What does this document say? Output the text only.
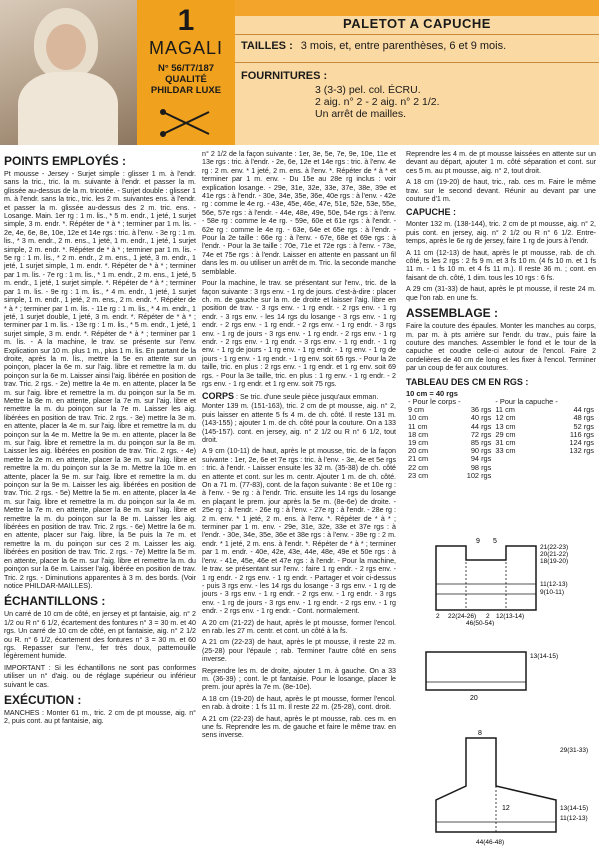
1
MAGALI
N° 56/T7/187
QUALITÉ
PHILDAR LUXE
PALETOT A CAPUCHE
TAILLES : 3 mois, et, entre parenthèses, 6 et 9 mois.
FOURNITURES :
3 (3-3) pel. col. ÉCRU.
2 aig. n° 2 - 2 aig. n° 2 1/2.
Un arrêt de mailles.
POINTS EMPLOYÉS :

Pt mousse - Jersey - Surjet simple : glisser 1 m. à l'endr. sans la tric., tric. la m. suivante à l'endr. et passer la m. glissée au-dessus de la m. tricotée. - Surjet double : glisser 1 m. à l'endr. sans la tric., tric. les 2 m. suivantes ens. à l'endr. et passer la m. glissée au-dessus des 2 m. tric. ens. - Losange. Main. 1er rg : 1 m. lis., * 5 m. endr., 1 jeté, 1 surjet simple, 3 m. endr. *. Répéter de * à * ; terminer par 1 m. lis. - 2e, 4e, 6e, 8e, 10e, 12e et 14e rgs : tric. à l'env. - 3e rg : 1 m. lis., * 3 m. endr., 2 m. ens., 1 jeté, 1 m. endr., 1 jeté, 1 surjet simple, 2 m. endr. *. Répéter de * à * ; terminer par 1 m. lis. - 5e rg : 1 m. lis., * 2 m. endr., 2 m. ens., 1 jeté, 3 m. endr., 1 jeté, 1 surjet simple, 1 m. endr. *. Répéter de * à * ; terminer par 1 m. lis. - 7e rg : 1 m. lis., * 1 m. endr., 2 m. ens., 1 jeté, 5 m. endr., 1 jeté, 1 surjet simple. *. Répéter de * à * ; terminer par 1 m. lis. - 9e rg : 1 m. lis., * 4 m. endr., 1 jeté, 1 surjet simple, 1 m. endr., 1 jeté, 2 m. ens., 2 m. endr. *. Répéter de * à * ; terminer par 1 m. lis. - 11e rg : 1 m. lis., * 4 m. endr., 1 jeté, 1 surjet double, 1 jeté, 3 m. endr. *. Répéter de * à * ; terminer par 1 m. lis. - 13e rg : 1 m. lis., * 5 m. endr., 1 jeté, 1 surjet simple, 3 m. endr. *. Répéter de * à * ; terminer par 1 m. lis. - A la machine, le trav. se présente sur l'env. Explication sur 10 m. plus 1 m., plus 1 m. lis. En partant de la droite, après la m. lis., mettre la 5e en attente sur un poinçon, placer la 6e m. sur l'aig. libre et remettre la m. du poinçon sur la 6e m. Laisser ainsi l'aig. libérée en position de trav. Tric. 2 rgs. - 2e) mettre la 4e m. en attente, placer la 5e m. sur l'aig. libre et remettre la m. du poinçon sur la 5e m. Mettre la 8e m. en attente, placer la 7e m. sur l'aig. libre et remettre la m. du poinçon sur la 7e m. Laisser les aig. libérées en position de trav. Tric. 2 rgs. - 3e) mettre la 3e m. en attente, placer la 4e m. sur l'aig. libre et remettre la m. du poinçon sur la 4e m. Mettre la 9e m. en attente, placer la 8e m. sur l'aig. libre et remettre la m. du poinçon sur la 8e m. Laisser les aig. libérées en position de trav. Tric. 2 rgs. - 4e) mettre la 2e m. en attente, placer la 3e m. sur l'aig. libre et remettre la m. du poinçon sur la 3e m. Mettre la 10e m. en attente, placer la 9e m. sur l'aig. libre et remettre la m. du poinçon sur la 9e m. Laisser les aig. libérées en position de trav. Tric. 2 rgs. - 5e) Mettre la 5e m. en attente, placer la 4e m. sur l'aig. libre et remettre la m. du poinçon sur la 4e m. Mettre la 7e m. en attente, placer la 8e m. sur l'aig. libre et remettre la m. du poinçon sur la 8e m. Laisser les aig. libérées en position de trav. Tric. 2 rgs. - 6e) Mettre la 6e m. en attente, placer sur l'aig. libre, la 5e puis la 7e m. et remettre la m. du poinçon sur ces 2 m. Laisser les aig. libérées en position de trav. Tric. 2 rgs. - 7e) Mettre la 5e m. en attente, placer la 6e m. sur l'aig. libre et remettre la m. du poinçon sur la 6e m. Laisser l'aig. libérée en position de trav. Tric. 2 rgs. - Diminutions apparentes à 3 m. des bords. (Voir notice PHILDAR-MAILLES).

ÉCHANTILLONS :

Un carré de 10 cm de côté, en jersey et pt fantaisie, aig. n° 2 1/2 ou R n° 6 1/2, écartement des fontures n° 3 = 30 m. et 40 rgs. Un carré de 10 cm de côté, en pt fantaisie, aig. n° 2 1/2 ou R. n° 6 1/2, écartement des fontures n° 3 = 30 m. et 60 rgs. Repasser sur l'env., fer très doux, pattemouille légèrement humide.

IMPORTANT : Si les échantillons ne sont pas conformes utiliser un n° d'aig. ou de réglage supérieur ou inférieur suivant le cas.

EXÉCUTION :

MANCHES : Monter 61 m., tric. 2 cm de pt mousse, aig. n° 2, puis cont. au pt fantaisie, aig.

n° 2 1/2 de la façon suivante : 1er, 3e, 5e, 7e, 9e, 10e, 11e et 13e rgs : tric. à l'endr. - 2e, 6e, 12e et 14e rgs : tric. à l'env. 4e rg : 2 m. env. * 1 jeté, 2 m. ens. à l'env. *. Répéter de * à * et terminer par 1 m. env. - Du 15e au 28e rg inclus : voir explication losange. - 29e, 31e, 32e, 33e, 37e, 38e, 39e et 41e rgs : à l'endr. - 30e, 34e, 35e, 36e, 40e rgs : à l'env. - 42e rg : comme le 4e rg. - 43e, 45e, 46e, 47e, 51e, 52e, 53e, 55e, 56e, 57e rgs : à l'endr. - 44e, 48e, 49e, 50e, 54e rgs : à l'env. - 58e rg : comme le 4e rg. - 59e, 60e et 61e rgs : à l'endr. - 62e rg : comme le 4e rg. - 63e, 64e et 65e rgs : à l'endr. - Pour la 2e taille : 66e rg : à l'env. - 67e, 68e et 69e rgs : à l'endr. - Pour la 3e taille : 70e, 71e et 72e rgs : à l'env. - 73e, 74e et 75e rgs : à l'endr. Laisser en attente en passant un fil dans les m. ou utiliser un arrêt de m. Tric. la seconde manche semblable.

Pour la machine, le trav. se présentant sur l'env., tric. de la façon suivante : 3 rgs env. - 1 rg de jours. c'est-à-dire : placer ch. m. de gauche sur la m. de droite et laisser l'aig. libre en position de trav. - 3 rgs env. - 1 rg endr. - 2 rgs env. - 1 rg endr. - 3 rgs env. - les 14 rgs du losange - 3 rgs env. - 1 rg endr. - 2 rgs env. - 1 rg endr. - 2 rgs env. - 1 rg endr. - 3 rgs env. - 1 rg de jours - 3 rgs env. - 1 rg endr. - 2 rgs env. - 1 rg endr. - 2 rgs env. - 1 rg endr. - 3 rgs env. - 1 rg endr. - 1 rg env. - 1 rg de jours - 1 rg env. - 1 rg endr. - 1 rg env. - 1 rg de jours - 1 rg env. - 1 rg endr. - 1 rg env. soit 65 rgs. - Pour la 2e taille, tric. en plus : 2 rgs env. - 1 rg endr. et 1 rg env. soit 69 rgs. - Pour la 3e taille, tric. en plus : 1 rg env. - 1 rg endr. - 2 rgs env. - 1 rg endr. et 1 rg env. soit 75 rgs.

CORPS : Se tric. d'une seule pièce jusqu'aux emman.

Monter 139 m. (151-163), tric. 2 cm de pt mousse, aig. n° 2, puis laisser en attente 5 fs 4 m. de ch. côté. Il reste 131 m. (143-155) ; ajouter 1 m. de ch. côté pour la couture. On a 133 (145-157). cont. en jersey, aig. n° 2 1/2 ou R n° 6 1/2, tout droit.

A 9 cm (10-11) de haut, après le pt mousse, tric. de la façon suivante : 1er, 2e, 6e et 7e rgs : tric. à l'env. - 3e, 4e et 5e rgs : tric. à l'endr. - Laisser ensuite les 32 m. (35-38) de ch. côté en attente et cont. sur les m. centr. Ajouter 1 m. de ch. côté. On a 71 m. (77-83), cont. de la façon suivante : 8e et 10e rg : à l'env. - 9e rg : à l'endr. Tric. ensuite les 14 rgs du losange en plaçant le prem. jour après la 5e m. (8e-6e) de droite. - 25e rg : à l'endr. - 26e rg : à l'env. - 27e rg : à l'endr. - 28e rg : 2 m. env. * 1 jeté, 2 m. ens. à l'env. *. Répéter de * à * ; terminer par 1 m. env. - 29e, 31e, 32e, 33e et 37e rgs : à l'endr. - 30e, 34e, 35e, 36e et 38e rgs : à l'env. - 39e rg : 2 m. endr. * 1 jeté, 2 m. ens. à l'endr. *. Répéter de * à * ; terminer par 1 m. endr. - 40e, 42e, 43e, 44e, 48e, 49e et 50e rgs : à l'env. - 41e, 45e, 46e et 47e rgs : à l'endr. - Pour la machine, le trav. se présentant sur l'env. : faire 1 rg endr. - 2 rgs env. - 1 rg endr. - 2 rgs env. - 1 rg endr. - Partager et voir ci-dessus - puis 3 rgs env. - les 14 rgs du losange - 3 rgs env. - 1 rg de jours - 3 rgs env. - 1 rg endr. - 2 rgs env. - 1 rg endr. - 3 rgs env. - 1 rg de jours - 3 rgs env. - 1 rg endr. - 2 rgs env. - 1 rg endr. - 2 rgs env. - 1 rg endr. - Cont. normalement.

A 20 cm (21-22) de haut, après le pt mousse, former l'encol. en rab. les 27 m. centr. et cont. un côté à la fs.

A 21 cm (22-23) de haut, après le pt mousse, il reste 22 m. (25-28) pour l'épaule ; rab. Terminer l'autre côté en sens inverse.

Reprendre les m. de droite, ajouter 1 m. à gauche. On a 33 m. (36-39) ; cont. le pt fantaisie. Pour le losange, placer le prem. jour après la 7e m. (8e-10e).

A 18 cm (19-20) de haut, après le pt mousse, former l'encol. en rab. à droite : 1 fs 11 m. Il reste 22 m. (25-28), cont. droit.

A 21 cm (22-23) de haut, après le pt mousse, rab. ces m. en une fs. Reprendre les m. de gauche et faire le même trav. en sens inverse.

Reprendre les 4 m. de pt mousse laissées en attente sur un devant au départ, ajouter 1 m. côté séparation et cont. sur ces 5 m. au pt mousse, aig. n° 2, tout droit.

A 18 cm (19-20) de haut, tric., rab. ces m. Faire le même trav. sur le second devant. Réunir au devant par une couture d'1 m.

CAPUCHE :

Monter 132 m. (138-144), tric. 2 cm de pt mousse, aig. n° 2, puis cont. en jersey, aig. n° 2 1/2 ou R n° 6 1/2. Entre-temps, après le 6e rg de jersey, faire 1 rg de jours à l'endr.

A 11 cm (12-13) de haut, après le pt mousse, rab. de ch. côté, ts les 2 rgs : 2 fs 9 m. et 3 fs 10 m. (4 fs 10 m. et 1 fs 11 m. - 1 fs 10 m. et 4 fs 11 m.). Il reste 36 m. ; cont. en faisant de ch. côté, 1 dim. tous les 10 rgs : 6 fs.

A 29 cm (31-33) de haut, après le pt mousse, il reste 24 m. que l'on rab. en une fs.

ASSEMBLAGE :

Faire la couture des épaules. Monter les manches au corps, m. par m. à pts arrière sur l'endr. du trav., puis faire la couture des manches. Assembler le fond et le tour de la capuche et coudre celle-ci autour de l'encol. Faire 2 cordelières de 40 cm de long et les fixer à l'encol. Terminer par un coup de fer aux coutures.

TABLEAU DES CM EN RGS :
10 cm = 40 rgs
- Pour le corps -		- Pour la capuche -	
9 cm	36 rgs	11 cm	44 rgs
10 cm	40 rgs	12 cm	48 rgs
11 cm	44 rgs	13 cm	52 rgs
18 cm	72 rgs	29 cm	116 rgs
19 cm	85 rgs	31 cm	124 rgs
20 cm	90 rgs	33 cm	132 rgs
21 cm	94 rgs		
22 cm	98 rgs		
23 cm	102 rgs		
9 5
21(22-23)
20(21-22)
18(19-20)
11(12-13)
9(10-11)
2 22(24-26) 2 12(13-14)
46(50-54)
13(14-15)
20
8
29(31-33)
13(14-15)
11(12-13)
12
44(46-48)
